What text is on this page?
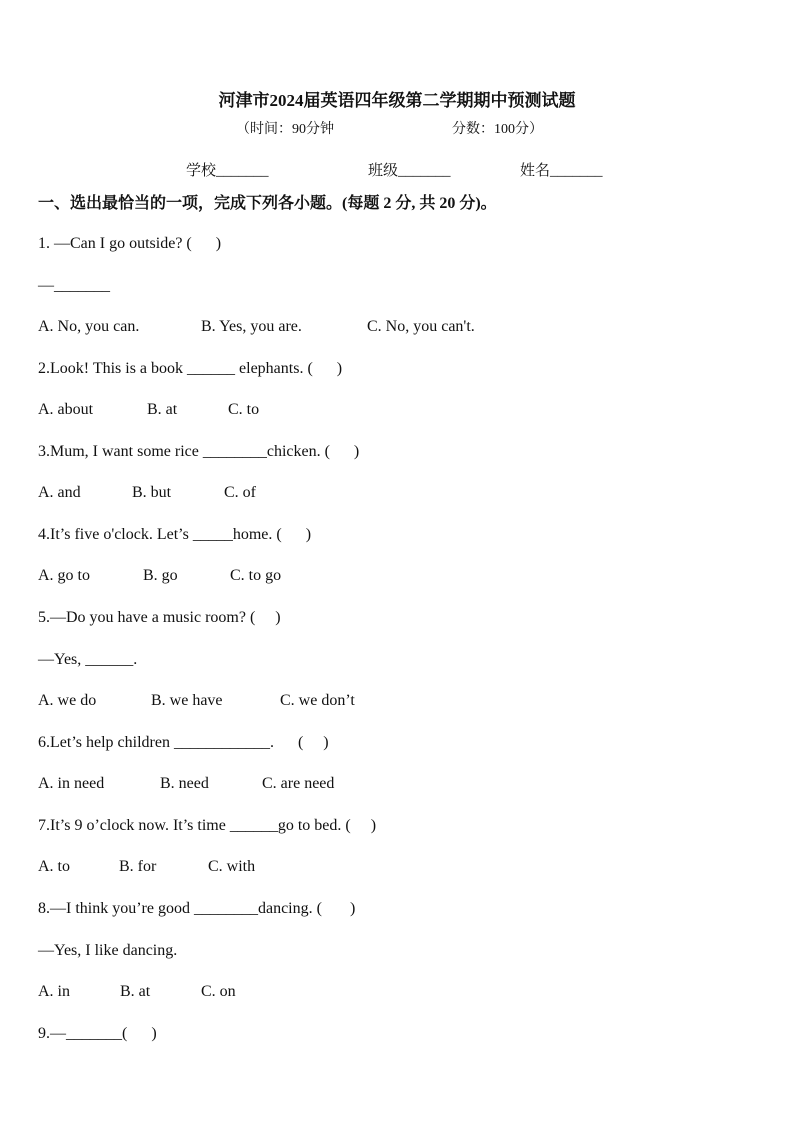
河津市2024届英语四年级第二学期期中预测试题
（时间：90分钟	分数：100分）
学校_______	班级_______	姓名_______
一、选出最恰当的一项，完成下列各小题。(每题 2 分, 共 20 分)。
1. —Can I go outside? (      )
—_______
A. No, you can.	B. Yes, you are.	C. No, you can't.
2.Look! This is a book ______ elephants. (      )
A. about	B. at	C. to
3.Mum, I want some rice ________chicken. (      )
A. and	B. but	C. of
4.It’s five o'clock. Let’s _____home. (      )
A. go to	B. go	C. to go
5.—Do you have a music room? (     )
—Yes, ______.
A. we do	B. we have	C. we don’t
6.Let’s help children ____________.      (     )
A. in need	B. need	C. are need
7.It’s 9 o’clock now. It’s time ______go to bed. (     )
A. to	B. for	C. with
8.—I think you’re good ________dancing. (       )
—Yes, I like dancing.
A. in	B. at	C. on
9.—_______(      )
